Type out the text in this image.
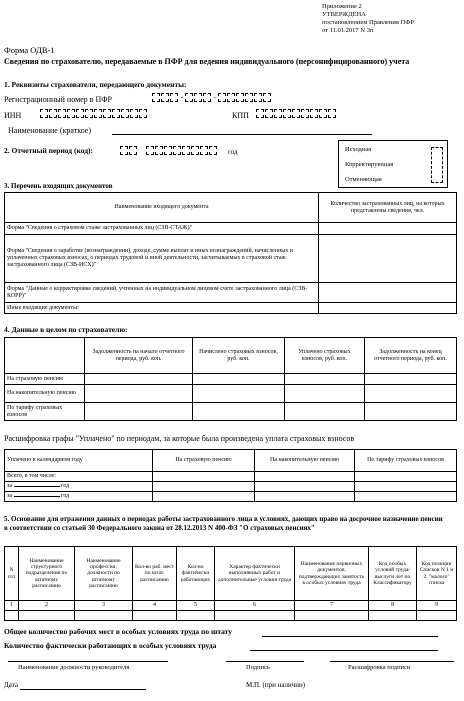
Приложение 2
УТВЕРЖДЕНА
постановлением Правления ПФР
от 11.01.2017 N 3п
Форма ОДВ-1
Сведения по страхователю, передаваемые в ПФР для ведения индивидуального (персонифицированного) учета
1. Реквизиты страхователя, передающего документы:
Регистрационный номер в ПФР	-	-
ИНН	КПП
Наименование (краткое)
2. Отчетный период (код):	год	Исходная
Корректирующая
Отменяющая
3. Перечень входящих документов
Наименование входящего документа	Количество застрахованных лиц, на которых представлены сведения, чел.
Форма "Сведения о страховом стаже застрахованных лиц (СЗВ-СТАЖ)"	
Форма "Сведения о заработке (вознаграждении), доходе, сумме выплат и иных вознаграждений, начисленных и уплаченных страховых взносах, о периодах трудовой и иной деятельности, засчитываемых в страховой стаж застрахованного лица (СЗВ-ИСХ)"	
Форма "Данные о корректировке сведений, учтенных на индивидуальном лицевом счете застрахованного лица (СЗВ-КОРР)"	
Иные входящие документы:	
4. Данные в целом по страхователю:
	Задолженность на начало отчетного периода, руб. коп.	Начислено страховых взносов, руб. коп.	Уплачено страховых взносов, руб. коп.	Задолженность на конец отчетного периода, руб. коп.
На страховую пенсию				
На накопительную пенсию				
По тарифу страховых взносов				
Расшифровка графы "Уплачено" по периодам, за которые была произведена уплата страховых взносов
Уплачено в календарном году	На страховую пенсию	На накопительную пенсию	По тарифу страховых взносов
Всего, в том числе:			
за год			
за год			
5. Основание для отражения данных о периодах работы застрахованного лица в условиях, дающих право на досрочное назначение пенсии в соответствии со статьей 30 Федерального закона от 28.12.2013 N 400-ФЗ "О страховых пенсиях"
N п/п	Наименование структурного подразделения по штатному расписанию	Наименование профессии, должности по штатному расписанию	Кол-во раб. мест по штат. расписанию	Кол-во фактически работающих	Характер фактически выполняемых работ и дополнительные условия труда	Наименование первичных документов, подтверждающих занятость в особых условиях труда	Код особых условий труда/выслуги лет по Классификатору	Код позиции Списков N 1 и 2, "малого" списка
1	2	3	4	5	6	7	8	9

Общее количество рабочих мест в особых условиях труда по штату
Количество фактически работающих в особых условиях труда
Наименование должности руководителя	Подпись	Расшифровка подписи
Дата	М.П. (при наличии)
